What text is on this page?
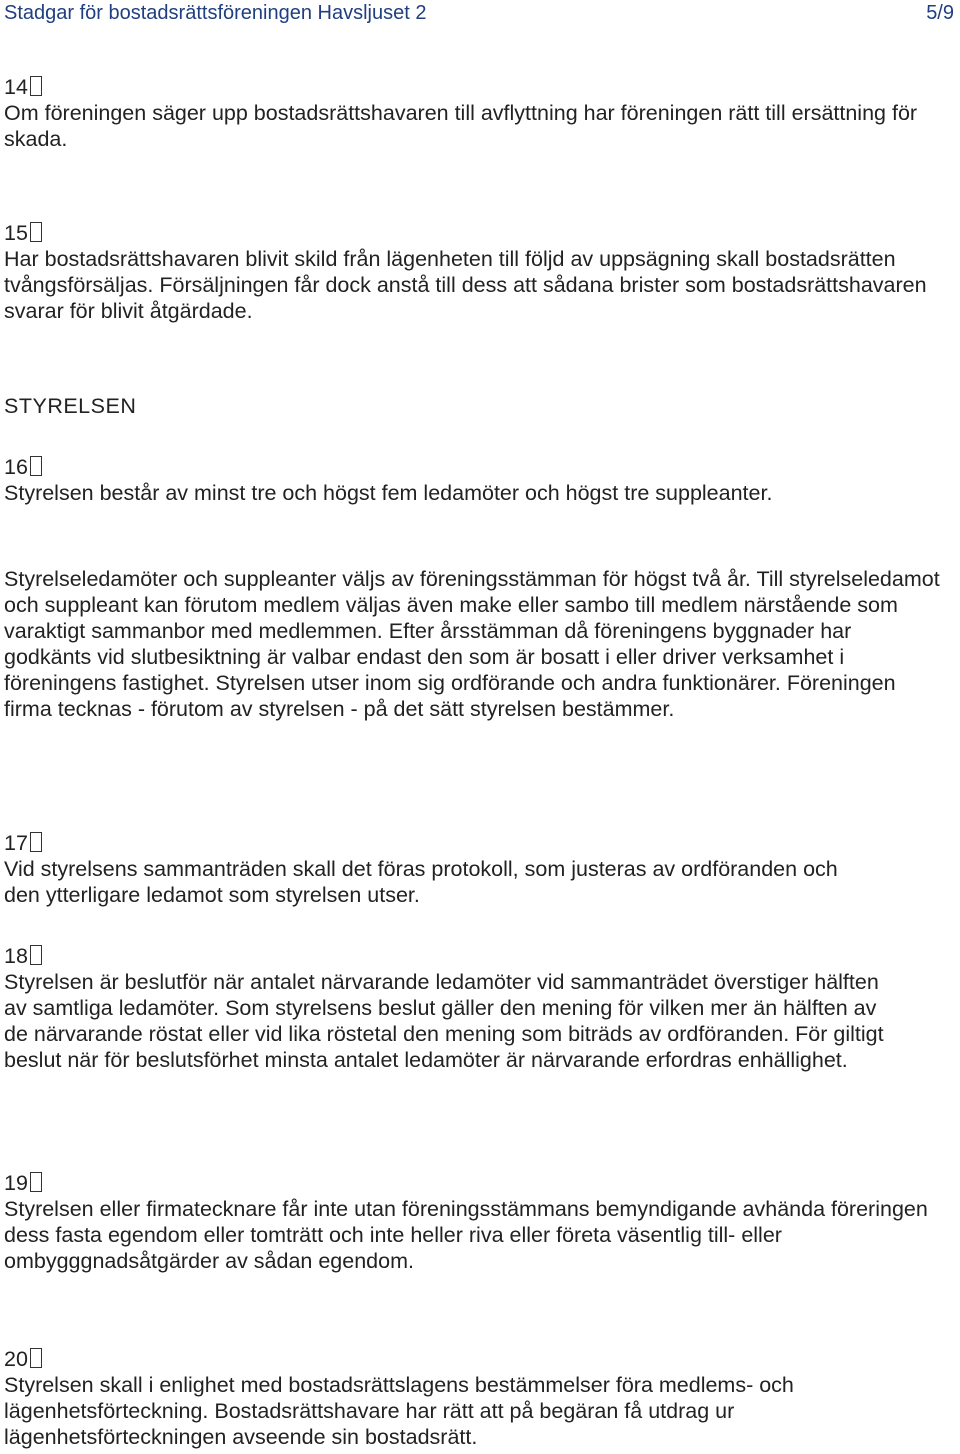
Stadgar för bostadsrättsföreningen Havsljuset 2	5/9
14
Om föreningen säger upp bostadsrättshavaren till avflyttning har föreningen rätt till ersättning för skada.
15
Har bostadsrättshavaren blivit skild från lägenheten till följd av uppsägning skall bostadsrätten tvångsförsäljas. Försäljningen får dock anstå till dess att sådana brister som bostadsrättshavaren svarar för blivit åtgärdade.
STYRELSEN
16
Styrelsen består av minst tre och högst fem ledamöter och högst tre suppleanter.
Styrelseledamöter och suppleanter väljs av föreningsstämman för högst två år. Till styrelseledamot och suppleant kan förutom medlem väljas även make eller sambo till medlem närstående som varaktigt sammanbor med medlemmen. Efter årsstämman då föreningens byggnader har godkänts vid slutbesiktning är valbar endast den som är bosatt i eller driver verksamhet i föreningens fastighet. Styrelsen utser inom sig ordförande och andra funktionärer. Föreningen firma tecknas - förutom av styrelsen - på det sätt styrelsen bestämmer.
17
Vid styrelsens sammanträden skall det föras protokoll, som justeras av ordföranden och den ytterligare ledamot som styrelsen utser.
18
Styrelsen är beslutför när antalet närvarande ledamöter vid sammanträdet överstiger hälften av samtliga ledamöter. Som styrelsens beslut gäller den mening för vilken mer än hälften av de närvarande röstat eller vid lika röstetal den mening som biträds av ordföranden. För giltigt beslut när för beslutsförhet minsta antalet ledamöter är närvarande erfordras enhällighet.
19
Styrelsen eller firmatecknare får inte utan föreningsstämmans bemyndigande avhända föreringen dess fasta egendom eller tomträtt och inte heller riva eller företa väsentlig till- eller ombygggnadsåtgärder av sådan egendom.
20
Styrelsen skall i enlighet med bostadsrättslagens bestämmelser föra medlems- och lägenhetsförteckning. Bostadsrättshavare har rätt att på begäran få utdrag ur lägenhetsförteckningen avseende sin bostadsrätt.
